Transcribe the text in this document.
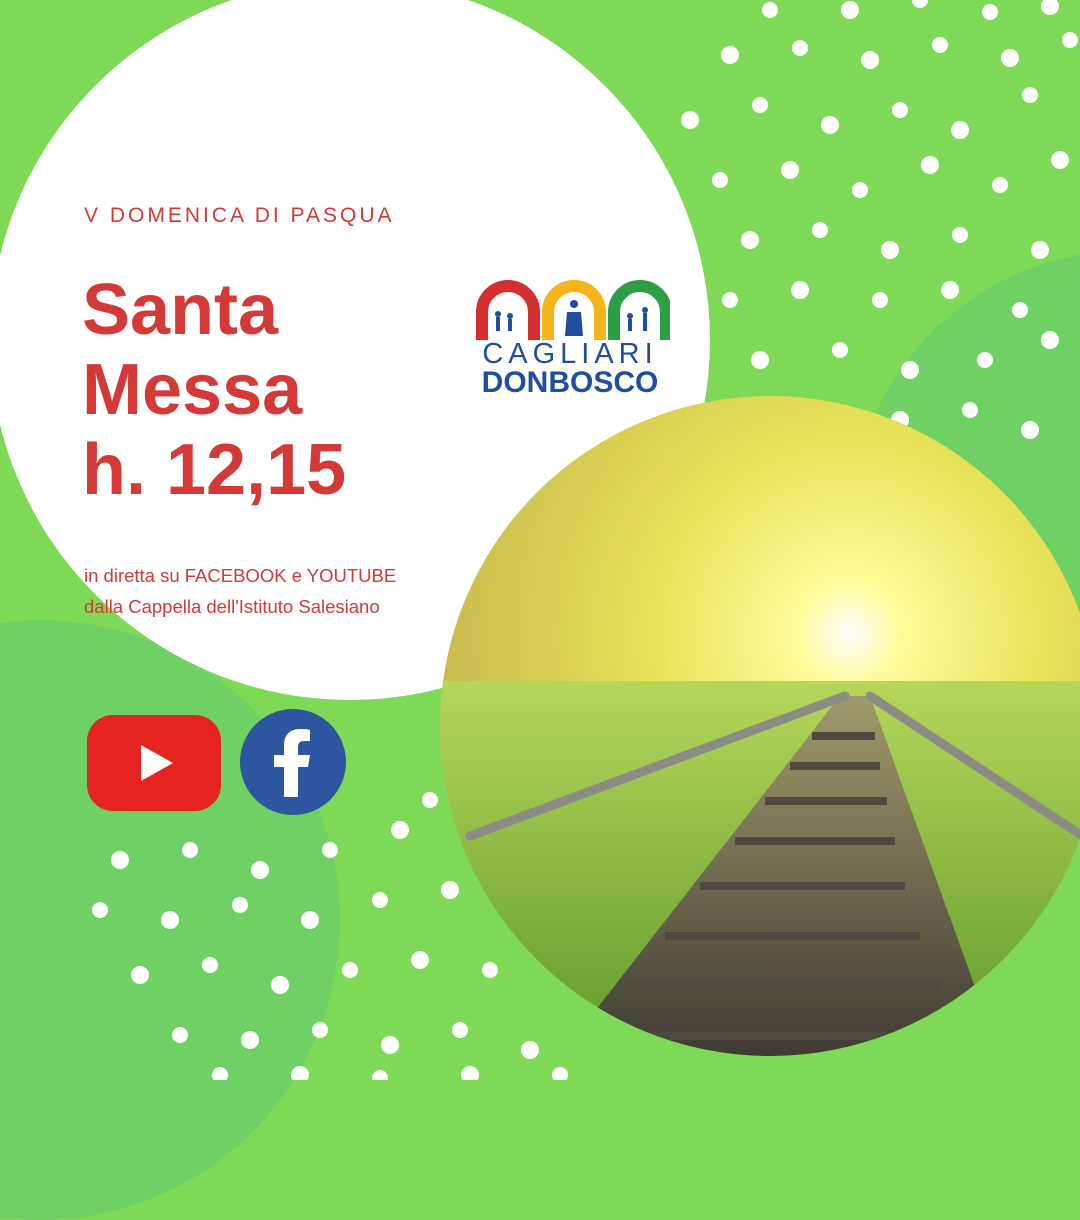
V DOMENICA DI PASQUA
Santa
Messa
h. 12,15
in diretta su FACEBOOK e YOUTUBE
dalla Cappella dell'Istituto Salesiano
CAGLIARI
DONBOSCO
